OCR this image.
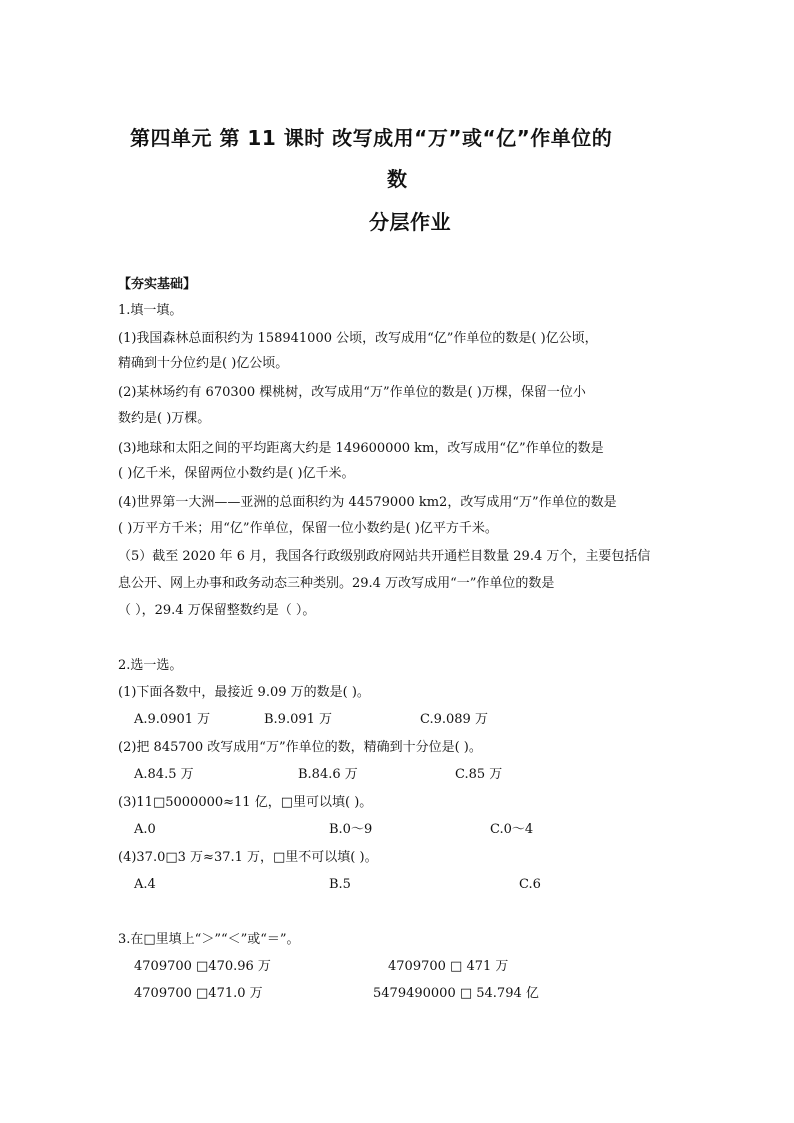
第四单元 第 11 课时 改写成用“万”或“亿”作单位的
数
分层作业
【夯实基础】
1.填一填。
(1)我国森林总面积约为 158941000 公顷，改写成用“亿”作单位的数是( )亿公顷，
精确到十分位约是( )亿公顷。
(2)某林场约有 670300 棵桃树，改写成用“万”作单位的数是( )万棵，保留一位小
数约是( )万棵。
(3)地球和太阳之间的平均距离大约是 149600000 km，改写成用“亿”作单位的数是
( )亿千米，保留两位小数约是( )亿千米。
(4)世界第一大洲——亚洲的总面积约为 44579000 km2，改写成用“万”作单位的数是
( )万平方千米；用“亿”作单位，保留一位小数约是( )亿平方千米。
（5）截至 2020 年 6 月，我国各行政级别政府网站共开通栏目数量 29.4 万个，主要包括信
息公开、网上办事和政务动态三种类别。29.4 万改写成用“一”作单位的数是
（ ），29.4 万保留整数约是（ ）。
2.选一选。
(1)下面各数中，最接近 9.09 万的数是( )。
A.9.0901 万	B.9.091 万	C.9.089 万
(2)把 845700 改写成用“万”作单位的数，精确到十分位是( )。
A.84.5 万	B.84.6 万	C.85 万
(3)11□5000000≈11 亿，□里可以填( )。
A.0	B.0～9	C.0～4
(4)37.0□3 万≈37.1 万，□里不可以填( )。
A.4	B.5	C.6
3.在□里填上“＞”“＜”或“＝”。
4709700 □470.96 万	4709700 □ 471 万
4709700 □471.0 万	5479490000 □ 54.794 亿
